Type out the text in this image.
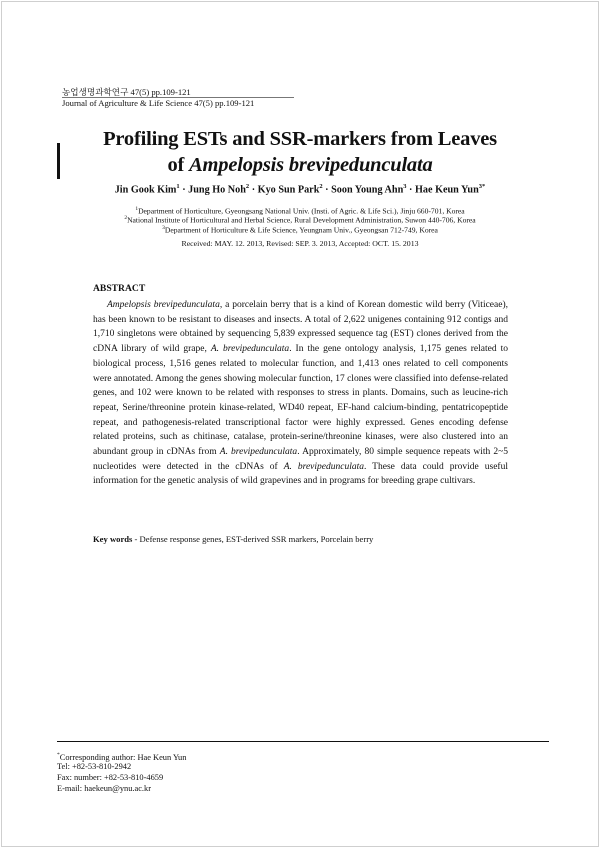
농업생명과학연구 47(5) pp.109-121
Journal of Agriculture & Life Science 47(5) pp.109-121
Profiling ESTs and SSR-markers from Leaves
of Ampelopsis brevipedunculata
Jin Gook Kim$^1$ · Jung Ho Noh$^2$ · Kyo Sun Park$^2$ · Soon Young Ahn$^3$ · Hae Keun Yun$^{3*}$
$^1$Department of Horticulture, Gyeongsang National Univ. (Insti. of Agric. & Life Sci.), Jinju 660-701, Korea
$^2$National Institute of Horticultural and Herbal Science, Rural Development Administration, Suwon 440-706, Korea
$^3$Department of Horticulture & Life Science, Yeungnam Univ., Gyeongsan 712-749, Korea
Received: MAY. 12. 2013, Revised: SEP. 3. 2013, Accepted: OCT. 15. 2013
ABSTRACT

Ampelopsis brevipedunculata, a porcelain berry that is a kind of Korean domestic wild berry (Viticeae), has been known to be resistant to diseases and insects. A total of 2,622 unigenes containing 912 contigs and 1,710 singletons were obtained by sequencing 5,839 expressed sequence tag (EST) clones derived from the cDNA library of wild grape, A. brevipedunculata. In the gene ontology analysis, 1,175 genes related to biological process, 1,516 genes related to molecular function, and 1,413 ones related to cell components were annotated. Among the genes showing molecular function, 17 clones were classified into defense-related genes, and 102 were known to be related with responses to stress in plants. Domains, such as leucine-rich repeat, Serine/threonine protein kinase-related, WD40 repeat, EF-hand calcium-binding, pentatricopeptide repeat, and pathogenesis-related transcriptional factor were highly expressed. Genes encoding defense related proteins, such as chitinase, catalase, protein-serine/threonine kinases, were also clustered into an abundant group in cDNAs from A. brevipedunculata. Approximately, 80 simple sequence repeats with 2~5 nucleotides were detected in the cDNAs of A. brevipedunculata. These data could provide useful information for the genetic analysis of wild grapevines and in programs for breeding grape cultivars.

Key words - Defense response genes, EST-derived SSR markers, Porcelain berry
*Corresponding author: Hae Keun Yun
Tel: +82-53-810-2942
Fax: number: +82-53-810-4659
E-mail: haekeun@ynu.ac.kr
